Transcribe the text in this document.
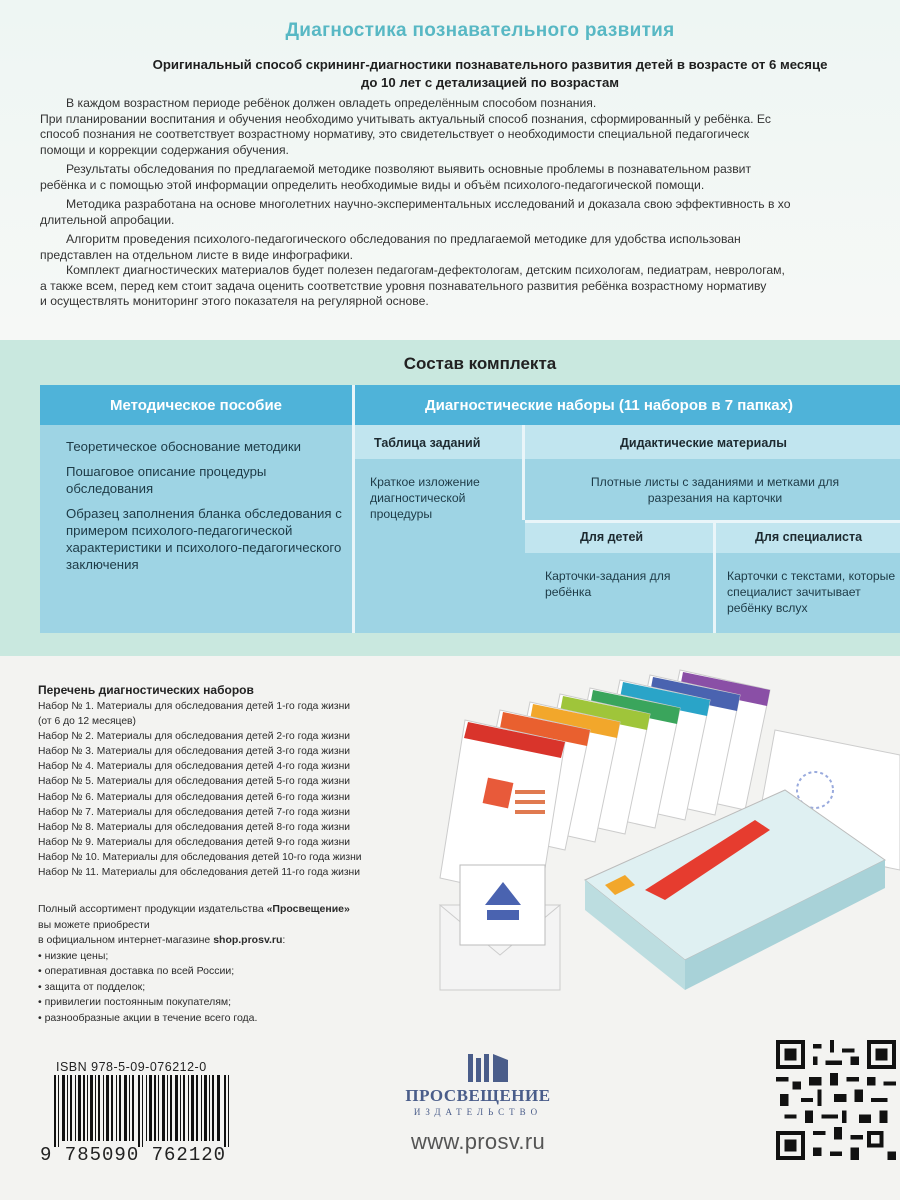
Диагностика познавательного развития
Оригинальный способ скрининг-диагностики познавательного развития детей в возрасте от 6 месяце
до 10 лет с детализацией по возрастам

В каждом возрастном периоде ребёнок должен овладеть определённым способом познания.

При планировании воспитания и обучения необходимо учитывать актуальный способ познания, сформированный у ребёнка. Ес

способ познания не соответствует возрастному нормативу, это свидетельствует о необходимости специальной педагогическ

помощи и коррекции содержания обучения.

Результаты обследования по предлагаемой методике позволяют выявить основные проблемы в познавательном развит

ребёнка и с помощью этой информации определить необходимые виды и объём психолого-педагогической помощи.

Методика разработана на основе многолетних научно-экспериментальных исследований и доказала свою эффективность в хо

длительной апробации.

Алгоритм проведения психолого-педагогического обследования по предлагаемой методике для удобства использован

представлен на отдельном листе в виде инфографики.

Комплект диагностических материалов будет полезен педагогам-дефектологам, детским психологам, педиатрам, неврологам,

а также всем, перед кем стоит задача оценить соответствие уровня познавательного развития ребёнка возрастному нормативу

и осуществлять мониторинг этого показателя на регулярной основе.

Состав комплекта
Методическое пособие	Диагностические наборы (11 наборов в 7 папках)
Теоретическое обоснование методики
Пошаговое описание процедуры обследования
Образец заполнения бланка обследования с примером психолого-педагогической характеристики и психолого-педагогического заключения
Таблица заданий
Краткое изложение диагностической процедуры
Дидактические материалы
Плотные листы с заданиями и метками для разрезания на карточки
Для детей
Карточки-задания для ребёнка
Для специалиста
Карточки с текстами, которые специалист зачитывает ребёнку вслух
Перечень диагностических наборов
Набор № 1. Материалы для обследования детей 1-го года жизни
(от 6 до 12 месяцев)
Набор № 2. Материалы для обследования детей 2-го года жизни
Набор № 3. Материалы для обследования детей 3-го года жизни
Набор № 4. Материалы для обследования детей 4-го года жизни
Набор № 5. Материалы для обследования детей 5-го года жизни
Набор № 6. Материалы для обследования детей 6-го года жизни
Набор № 7. Материалы для обследования детей 7-го года жизни
Набор № 8. Материалы для обследования детей 8-го года жизни
Набор № 9. Материалы для обследования детей 9-го года жизни
Набор № 10. Материалы для обследования детей 10-го года жизни
Набор № 11. Материалы для обследования детей 11-го года жизни
Полный ассортимент продукции издательства «Просвещение»
вы можете приобрести
в официальном интернет-магазине shop.prosv.ru:
• низкие цены;
• оперативная доставка по всей России;
• защита от подделок;
• привилегии постоянным покупателям;
• разнообразные акции в течение всего года.
ISBN 978-5-09-076212-0
9 785090 762120
ПРОСВЕЩЕНИЕ
ИЗДАТЕЛЬСТВО
www.prosv.ru
